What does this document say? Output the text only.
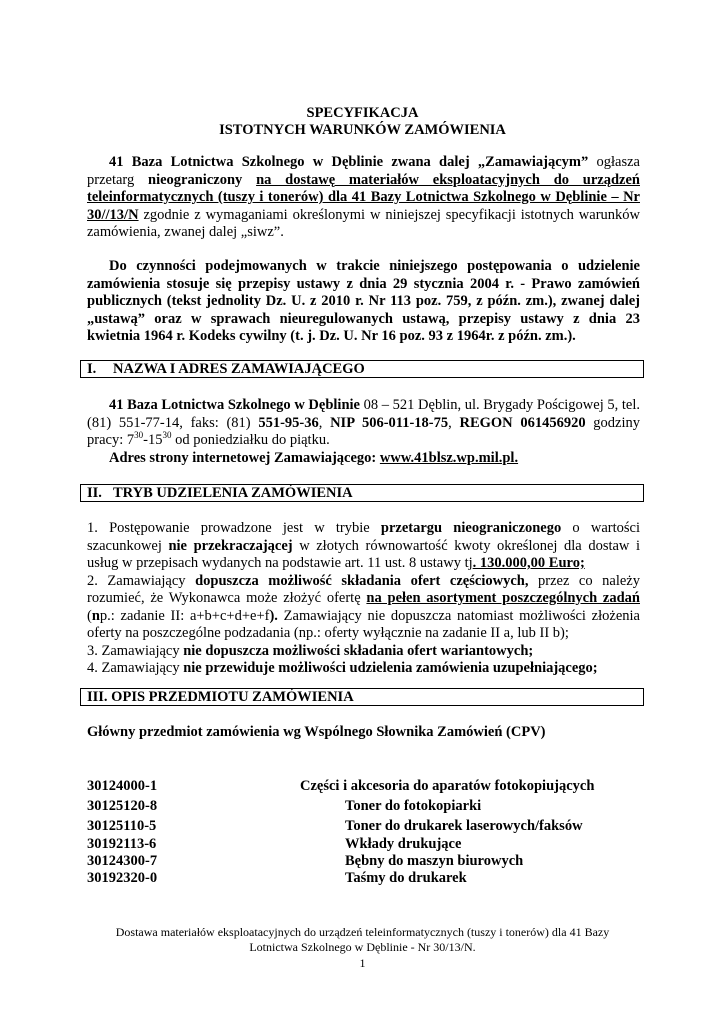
SPECYFIKACJA
ISTOTNYCH WARUNKÓW ZAMÓWIENIA

41 Baza Lotnictwa Szkolnego w Dęblinie zwana dalej „Zamawiającym” ogłasza przetarg nieograniczony na dostawę materiałów eksploatacyjnych do urządzeń teleinformatycznych (tuszy i tonerów) dla 41 Bazy Lotnictwa Szkolnego w Dęblinie – Nr 30//13/N zgodnie z wymaganiami określonymi w niniejszej specyfikacji istotnych warunków zamówienia, zwanej dalej „siwz”.

Do czynności podejmowanych w trakcie niniejszego postępowania o udzielenie zamówienia stosuje się przepisy ustawy z dnia 29 stycznia 2004 r. - Prawo zamówień publicznych (tekst jednolity Dz. U. z 2010 r. Nr 113 poz. 759, z późn. zm.), zwanej dalej „ustawą” oraz w sprawach nieuregulowanych ustawą, przepisy ustawy z dnia 23 kwietnia 1964 r. Kodeks cywilny (t. j. Dz. U. Nr 16 poz. 93 z 1964r. z późn. zm.).

I. NAZWA I ADRES ZAMAWIAJĄCEGO

41 Baza Lotnictwa Szkolnego w Dęblinie 08 – 521 Dęblin, ul. Brygady Pościgowej 5, tel. (81) 551-77-14, faks: (81) 551-95-36, NIP 506-011-18-75, REGON 061456920 godziny pracy: $7^{30}-15^{30}$ od poniedziałku do piątku.

Adres strony internetowej Zamawiającego: www.41blsz.wp.mil.pl.

II. TRYB UDZIELENIA ZAMÓWIENIA

1. Postępowanie prowadzone jest w trybie przetargu nieograniczonego o wartości szacunkowej nie przekraczającej w złotych równowartość kwoty określonej dla dostaw i usług w przepisach wydanych na podstawie art. 11 ust. 8 ustawy tj. 130.000,00 Euro;

2. Zamawiający dopuszcza możliwość składania ofert częściowych, przez co należy rozumieć, że Wykonawca może złożyć ofertę na pełen asortyment poszczególnych zadań (np.: zadanie II: a+b+c+d+e+f). Zamawiający nie dopuszcza natomiast możliwości złożenia oferty na poszczególne podzadania (np.: oferty wyłącznie na zadanie II a, lub II b);

3. Zamawiający nie dopuszcza możliwości składania ofert wariantowych;

4. Zamawiający nie przewiduje możliwości udzielenia zamówienia uzupełniającego;

III. OPIS PRZEDMIOTU ZAMÓWIENIA
Główny przedmiot zamówienia wg Wspólnego Słownika Zamówień (CPV)
30124000-1	Części i akcesoria do aparatów fotokopiujących
30125120-8	Toner do fotokopiarki
30125110-5	Toner do drukarek laserowych/faksów
30192113-6	Wkłady drukujące
30124300-7	Bębny do maszyn biurowych
30192320-0	Taśmy do drukarek
Dostawa materiałów eksploatacyjnych do urządzeń teleinformatycznych (tuszy i tonerów) dla 41 Bazy
Lotnictwa Szkolnego w Dęblinie - Nr 30/13/N.
1
